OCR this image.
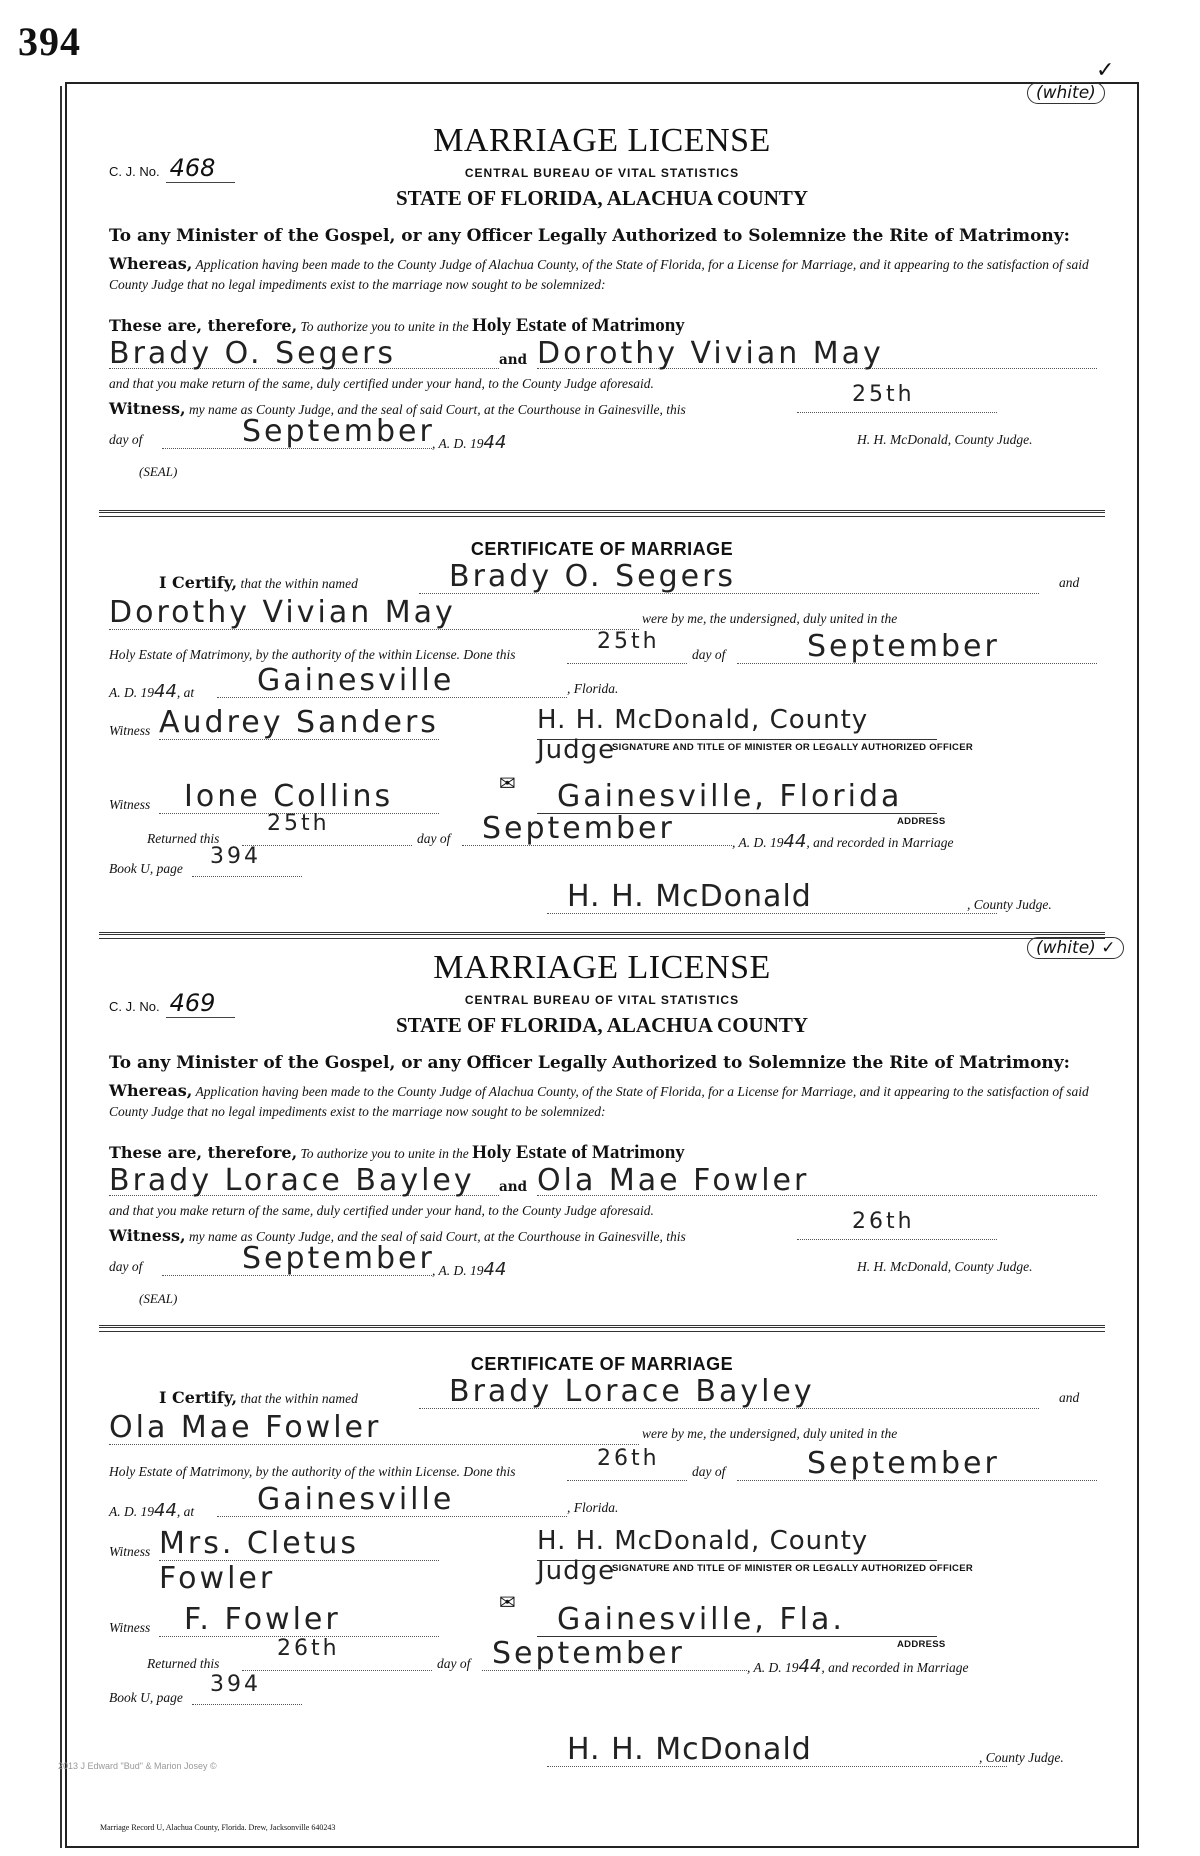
394
✓
(white)
MARRIAGE LICENSE
C. J. No. 468	CENTRAL BUREAU OF VITAL STATISTICS
STATE OF FLORIDA, ALACHUA COUNTY
To any Minister of the Gospel, or any Officer Legally Authorized to Solemnize the Rite of Matrimony:
Whereas, Application having been made to the County Judge of Alachua County, of the State of Florida, for a License for Marriage, and it appearing to the satisfaction of said County Judge that no legal impediments exist to the marriage now sought to be solemnized:
These are, therefore, To authorize you to unite in the Holy Estate of Matrimony
Brady O. Segers	and Dorothy Vivian May
and that you make return of the same, duly certified under your hand, to the County Judge aforesaid.
Witness, my name as County Judge, and the seal of said Court, at the Courthouse in Gainesville, this
25th
day of	September
, A. D. 1944	H. H. McDonald, County Judge.
(SEAL)
CERTIFICATE OF MARRIAGE
I Certify, that the within named	Brady O. Segers	and
Dorothy Vivian May	were by me, the undersigned, duly united in the
Holy Estate of Matrimony, by the authority of the within License. Done this
25th
day of	September
A. D. 1944, at	Gainesville	, Florida.
Witness Audrey Sanders	H. H. McDonald, County Judge
SIGNATURE AND TITLE OF MINISTER OR LEGALLY AUTHORIZED OFFICER
✉
Witness	Ione Collins	Gainesville, Florida
ADDRESS
Returned this
25th
day of	September	, A. D. 1944, and recorded in Marriage
Book U, page	394
H. H. McDonald	, County Judge.
(white) ✓
MARRIAGE LICENSE
C. J. No. 469	CENTRAL BUREAU OF VITAL STATISTICS
STATE OF FLORIDA, ALACHUA COUNTY
To any Minister of the Gospel, or any Officer Legally Authorized to Solemnize the Rite of Matrimony:
Whereas, Application having been made to the County Judge of Alachua County, of the State of Florida, for a License for Marriage, and it appearing to the satisfaction of said County Judge that no legal impediments exist to the marriage now sought to be solemnized:
These are, therefore, To authorize you to unite in the Holy Estate of Matrimony
Brady Lorace Bayley	and Ola Mae Fowler
and that you make return of the same, duly certified under your hand, to the County Judge aforesaid.
Witness, my name as County Judge, and the seal of said Court, at the Courthouse in Gainesville, this
26th
day of	September
, A. D. 1944	H. H. McDonald, County Judge.
(SEAL)
CERTIFICATE OF MARRIAGE
I Certify, that the within named	Brady Lorace Bayley	and
Ola Mae Fowler	were by me, the undersigned, duly united in the
Holy Estate of Matrimony, by the authority of the within License. Done this
26th
day of	September
A. D. 1944, at	Gainesville	, Florida.
Witness Mrs. Cletus Fowler
H. H. McDonald, County Judge
SIGNATURE AND TITLE OF MINISTER OR LEGALLY AUTHORIZED OFFICER
✉
Witness	F. Fowler	Gainesville, Fla.
ADDRESS
Returned this
26th
day of September	, A. D. 1944, and recorded in Marriage
Book U, page
394
H. H. McDonald	, County Judge.
2013 J Edward "Bud" & Marion Josey ©
Marriage Record U, Alachua County, Florida. Drew, Jacksonville 640243
